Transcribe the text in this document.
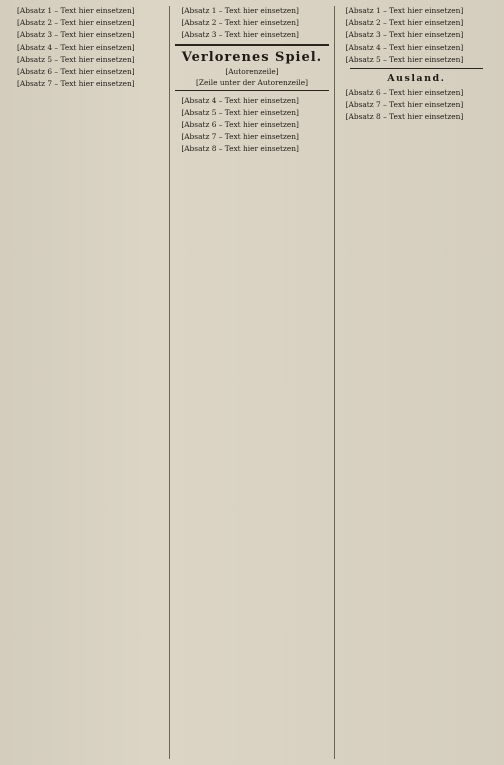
[Absatz 1 – Text hier einsetzen]

[Absatz 2 – Text hier einsetzen]

[Absatz 3 – Text hier einsetzen]

[Absatz 4 – Text hier einsetzen]

[Absatz 5 – Text hier einsetzen]

[Absatz 6 – Text hier einsetzen]

[Absatz 7 – Text hier einsetzen]

[Absatz 1 – Text hier einsetzen]

[Absatz 2 – Text hier einsetzen]

[Absatz 3 – Text hier einsetzen]

Verlorenes Spiel.

[Autorenzeile]

[Zeile unter der Autorenzeile]

[Absatz 4 – Text hier einsetzen]

[Absatz 5 – Text hier einsetzen]

[Absatz 6 – Text hier einsetzen]

[Absatz 7 – Text hier einsetzen]

[Absatz 8 – Text hier einsetzen]

[Absatz 1 – Text hier einsetzen]

[Absatz 2 – Text hier einsetzen]

[Absatz 3 – Text hier einsetzen]

[Absatz 4 – Text hier einsetzen]

[Absatz 5 – Text hier einsetzen]

Ausland.

[Absatz 6 – Text hier einsetzen]

[Absatz 7 – Text hier einsetzen]

[Absatz 8 – Text hier einsetzen]
